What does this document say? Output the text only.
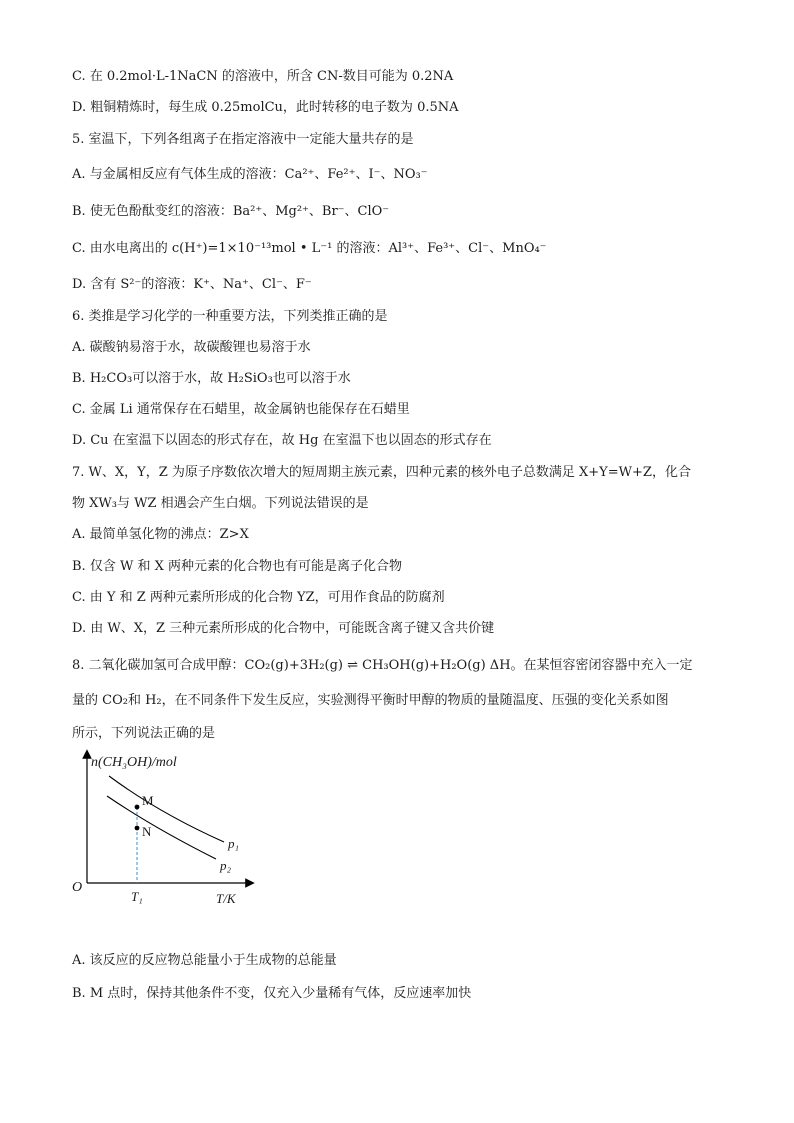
C. 在 0.2mol·L-1NaCN 的溶液中，所含 CN-数目可能为 0.2NA
D. 粗铜精炼时，每生成 0.25molCu，此时转移的电子数为 0.5NA
5. 室温下，下列各组离子在指定溶液中一定能大量共存的是
A. 与金属相反应有气体生成的溶液：Ca²⁺、Fe²⁺、I⁻、NO₃⁻
B. 使无色酚酞变红的溶液：Ba²⁺、Mg²⁺、Br⁻、ClO⁻
C. 由水电离出的 c(H⁺)=1×10⁻¹³mol • L⁻¹ 的溶液：Al³⁺、Fe³⁺、Cl⁻、MnO₄⁻
D. 含有 S²⁻的溶液：K⁺、Na⁺、Cl⁻、F⁻
6. 类推是学习化学的一种重要方法，下列类推正确的是
A. 碳酸钠易溶于水，故碳酸锂也易溶于水
B. H₂CO₃可以溶于水，故 H₂SiO₃也可以溶于水
C. 金属 Li 通常保存在石蜡里，故金属钠也能保存在石蜡里
D. Cu 在室温下以固态的形式存在，故 Hg 在室温下也以固态的形式存在
7. W、X，Y，Z 为原子序数依次增大的短周期主族元素，四种元素的核外电子总数满足 X+Y=W+Z，化合
物 XW₃与 WZ 相遇会产生白烟。下列说法错误的是
A. 最简单氢化物的沸点：Z>X
B. 仅含 W 和 X 两种元素的化合物也有可能是离子化合物
C. 由 Y 和 Z 两种元素所形成的化合物 YZ，可用作食品的防腐剂
D. 由 W、X，Z 三种元素所形成的化合物中，可能既含离子键又含共价键
8. 二氧化碳加氢可合成甲醇：CO₂(g)+3H₂(g) ⇌ CH₃OH(g)+H₂O(g) ΔH。在某恒容密闭容器中充入一定
量的 CO₂和 H₂，在不同条件下发生反应，实验测得平衡时甲醇的物质的量随温度、压强的变化关系如图
所示，下列说法正确的是
A. 该反应的反应物总能量小于生成物的总能量
B. M 点时，保持其他条件不变，仅充入少量稀有气体，反应速率加快
n(CH₃OH)/mol
M
N
p₁
p₂
O
T₁	T/K
